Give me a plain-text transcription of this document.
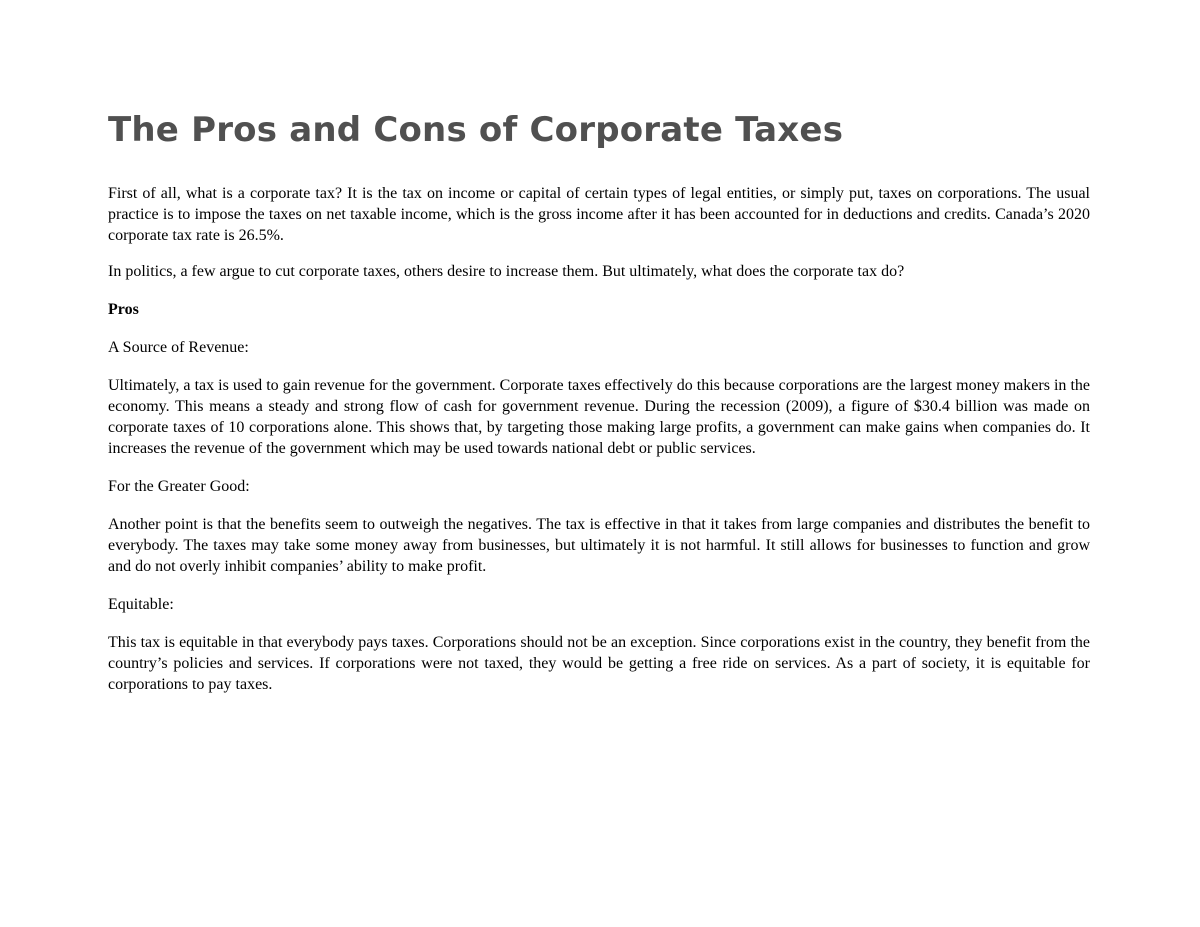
The Pros and Cons of Corporate Taxes

First of all, what is a corporate tax? It is the tax on income or capital of certain types of legal entities, or simply put, taxes on corporations. The usual practice is to impose the taxes on net taxable income, which is the gross income after it has been accounted for in deductions and credits. Canada’s 2020 corporate tax rate is 26.5%.

In politics, a few argue to cut corporate taxes, others desire to increase them. But ultimately, what does the corporate tax do?

Pros
A Source of Revenue:

Ultimately, a tax is used to gain revenue for the government. Corporate taxes effectively do this because corporations are the largest money makers in the economy. This means a steady and strong flow of cash for government revenue. During the recession (2009), a figure of $30.4 billion was made on corporate taxes of 10 corporations alone. This shows that, by targeting those making large profits, a government can make gains when companies do. It increases the revenue of the government which may be used towards national debt or public services.

For the Greater Good:

Another point is that the benefits seem to outweigh the negatives. The tax is effective in that it takes from large companies and distributes the benefit to everybody. The taxes may take some money away from businesses, but ultimately it is not harmful. It still allows for businesses to function and grow and do not overly inhibit companies’ ability to make profit.

Equitable:

This tax is equitable in that everybody pays taxes. Corporations should not be an exception. Since corporations exist in the country, they benefit from the country’s policies and services. If corporations were not taxed, they would be getting a free ride on services. As a part of society, it is equitable for corporations to pay taxes.
